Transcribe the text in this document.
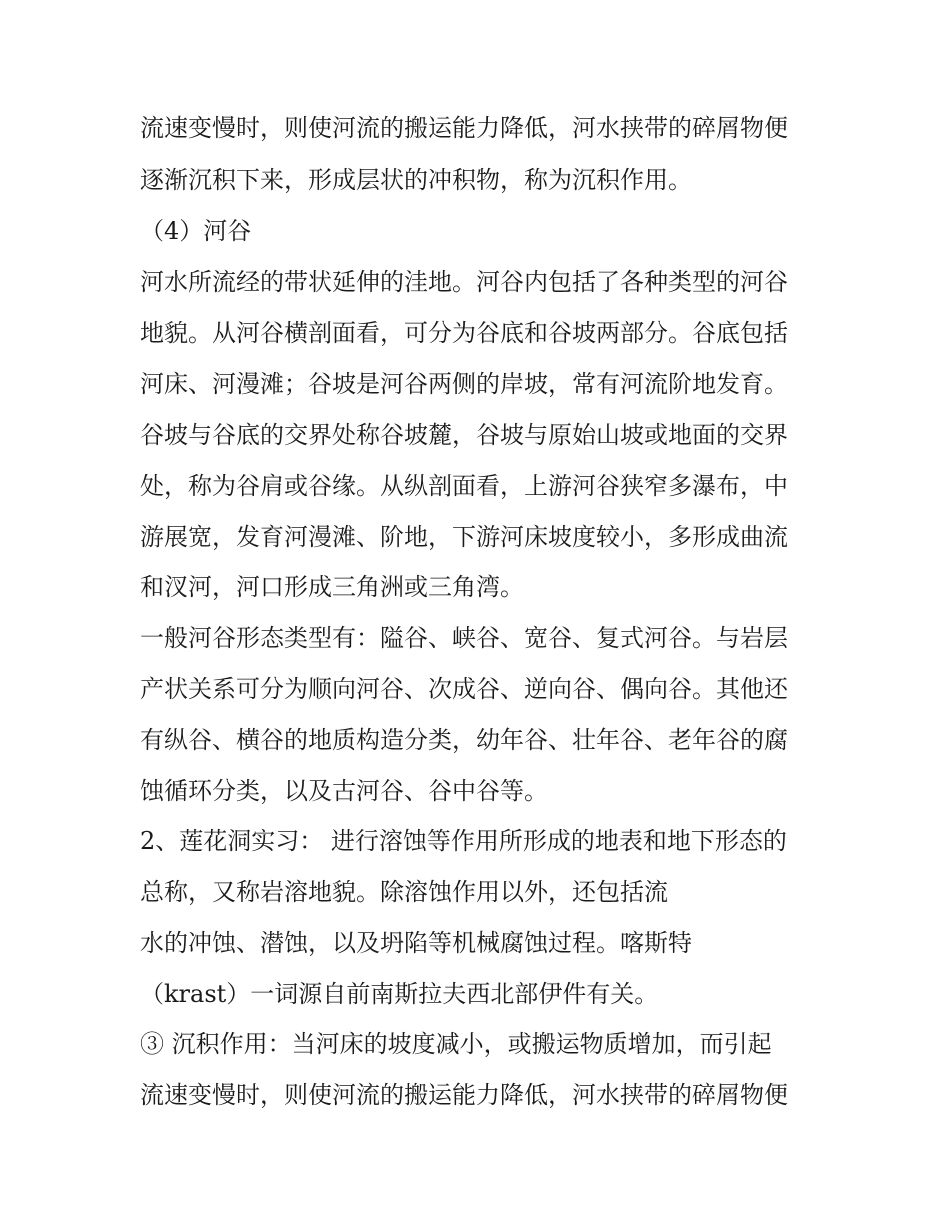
流速变慢时，则使河流的搬运能力降低，河水挟带的碎屑物便
逐渐沉积下来，形成层状的冲积物，称为沉积作用。
（4）河谷
河水所流经的带状延伸的洼地。河谷内包括了各种类型的河谷
地貌。从河谷横剖面看，可分为谷底和谷坡两部分。谷底包括
河床、河漫滩；谷坡是河谷两侧的岸坡，常有河流阶地发育。
谷坡与谷底的交界处称谷坡麓，谷坡与原始山坡或地面的交界
处，称为谷肩或谷缘。从纵剖面看，上游河谷狭窄多瀑布，中
游展宽，发育河漫滩、阶地，下游河床坡度较小，多形成曲流
和汊河，河口形成三角洲或三角湾。
一般河谷形态类型有：隘谷、峡谷、宽谷、复式河谷。与岩层
产状关系可分为顺向河谷、次成谷、逆向谷、偶向谷。其他还
有纵谷、横谷的地质构造分类，幼年谷、壮年谷、老年谷的腐
蚀循环分类，以及古河谷、谷中谷等。
2、莲花洞实习： 进行溶蚀等作用所形成的地表和地下形态的
总称，又称岩溶地貌。除溶蚀作用以外，还包括流
水的冲蚀、潜蚀，以及坍陷等机械腐蚀过程。喀斯特
（krast）一词源自前南斯拉夫西北部伊件有关。
③ 沉积作用：当河床的坡度减小，或搬运物质增加，而引起
流速变慢时，则使河流的搬运能力降低，河水挟带的碎屑物便
